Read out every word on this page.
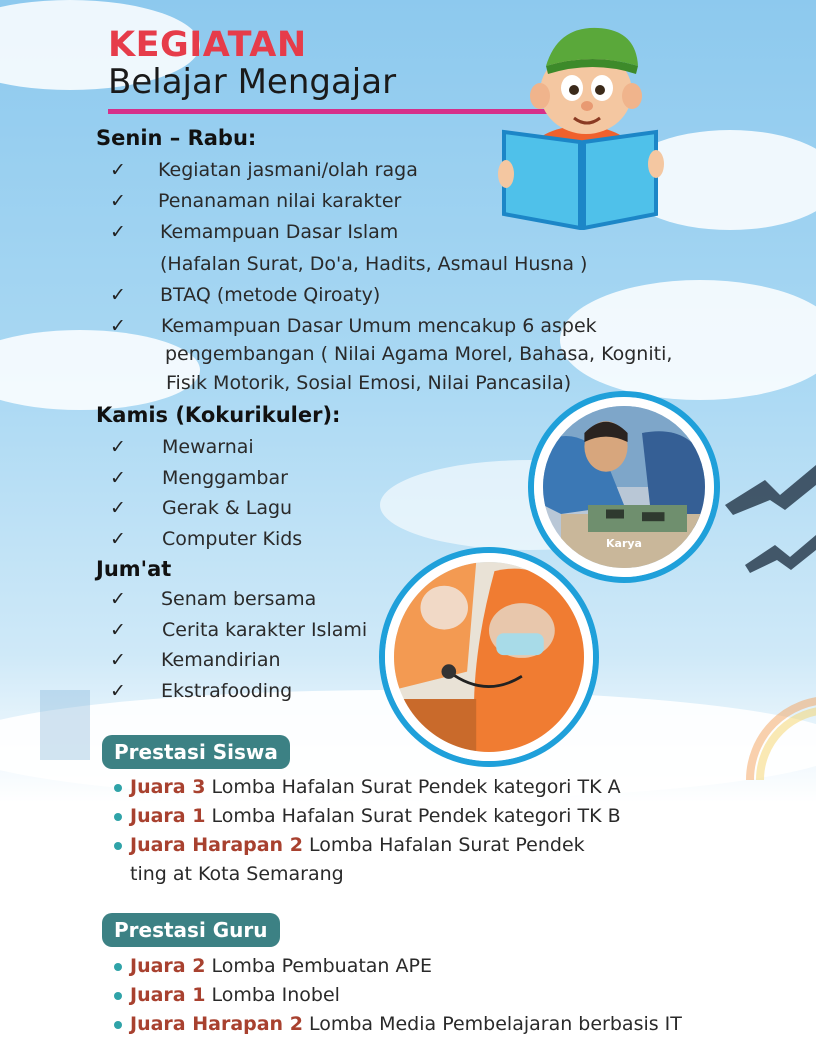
KEGIATAN
Belajar Mengajar
Senin – Rabu:
✓ Kegiatan jasmani/olah raga
✓ Penanaman nilai karakter
✓ Kemampuan Dasar Islam
(Hafalan Surat, Do'a, Hadits, Asmaul Husna )
✓ BTAQ (metode Qiroaty)
✓ Kemampuan Dasar Umum mencakup 6 aspek
pengembangan ( Nilai Agama Morel, Bahasa, Kogniti,
Fisik Motorik, Sosial Emosi, Nilai Pancasila)
Kamis (Kokurikuler):
✓ Mewarnai
✓ Menggambar
✓ Gerak & Lagu
✓ Computer Kids
Jum'at
✓ Senam bersama
✓ Cerita karakter Islami
✓ Kemandirian
✓ Ekstrafooding
Karya
Prestasi Siswa
Juara 3 Lomba Hafalan Surat Pendek kategori TK A
Juara 1 Lomba Hafalan Surat Pendek kategori TK B
Juara Harapan 2 Lomba Hafalan Surat Pendek
ting at Kota Semarang
Prestasi Guru
Juara 2 Lomba Pembuatan APE
Juara 1 Lomba Inobel
Juara Harapan 2 Lomba Media Pembelajaran berbasis IT
